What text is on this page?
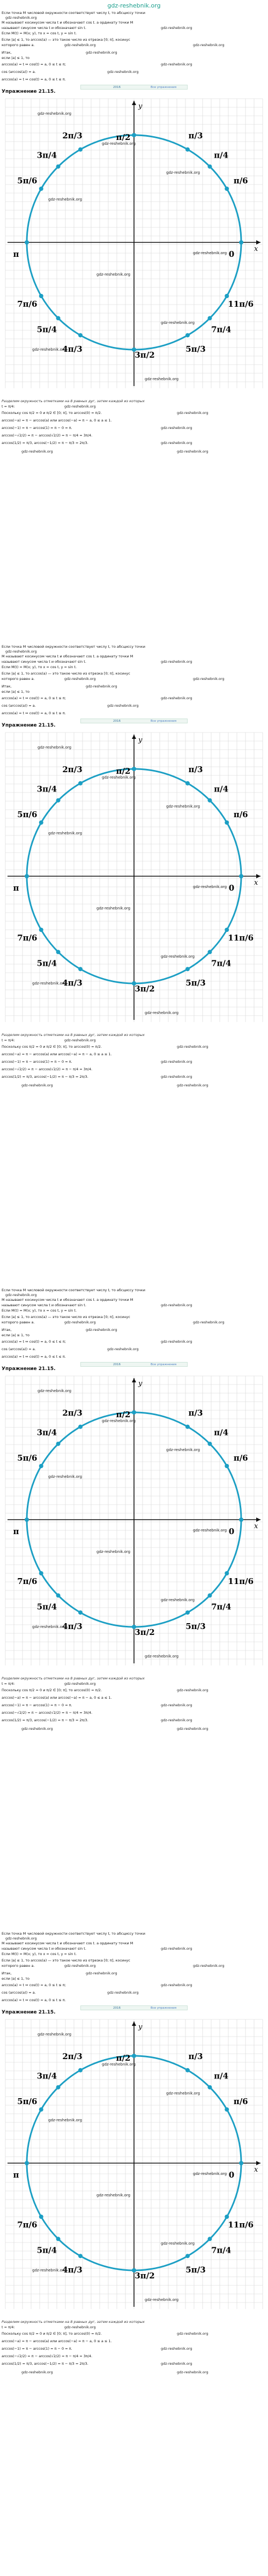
gdz-reshebnik.org
Если точка M числовой окружности соответствует числу t, то абсциссу точки
gdz-reshebnik.org
M называют косинусом числа t и обозначают cos t. а ординату точки M
называют синусом числа t и обозначают sin t.	gdz-reshebnik.org
Если M(t) = M(x; y), то x = cos t, y = sin t.
Если |a| ≤ 1, то arccos(a) — это такое число из отрезка [0; π], косинус
которого равен a.	gdz-reshebnik.org	gdz-reshebnik.org
Итак,	gdz-reshebnik.org
если |a| ≤ 1, то
arccos(a) = t ⇔ cos(t) = a, 0 ≤ t ≤ π;	gdz-reshebnik.org
cos (arccos(a)) = a.	gdz-reshebnik.org
arccos(a) = t ⇔ cos(t) = a, 0 ≤ t ≤ π.
2016	Все упражнения
Упражнение 21.15.
x
y
0
π/6
π/4
π/3
π/2
2π/3
3π/4
5π/6
π
7π/6
5π/4
4π/3
3π/2
5π/3
7π/4
11π/6
gdz-reshebnik.org
gdz-reshebnik.org
gdz-reshebnik.org
gdz-reshebnik.org
gdz-reshebnik.org
gdz-reshebnik.org
gdz-reshebnik.org
gdz-reshebnik.org
gdz-reshebnik.org
Разделим окружность отметками на 8 равных дуг, затем каждой из которых
t = π/4:	gdz-reshebnik.org
Поскольку cos π/2 = 0 и π/2 ∈ [0; π], то arccos(0) = π/2.	gdz-reshebnik.org
arccos(−a) = π − arccos(a) или arccos(−a) = π − a, 0 ≤ a ≤ 1.
arccos(−1) = π − arccos(1) = π − 0 = π.	gdz-reshebnik.org
arccos(−√2/2) = π − arccos(√2/2) = π − π/4 = 3π/4.
arccos(1/2) = π/3, arccos(−1/2) = π − π/3 = 2π/3.	gdz-reshebnik.org
gdz-reshebnik.org	gdz-reshebnik.org
Если точка M числовой окружности соответствует числу t, то абсциссу точки
gdz-reshebnik.org
M называют косинусом числа t и обозначают cos t. а ординату точки M
называют синусом числа t и обозначают sin t.	gdz-reshebnik.org
Если M(t) = M(x; y), то x = cos t, y = sin t.
Если |a| ≤ 1, то arccos(a) — это такое число из отрезка [0; π], косинус
которого равен a.	gdz-reshebnik.org	gdz-reshebnik.org
Итак,	gdz-reshebnik.org
если |a| ≤ 1, то
arccos(a) = t ⇔ cos(t) = a, 0 ≤ t ≤ π;	gdz-reshebnik.org
cos (arccos(a)) = a.	gdz-reshebnik.org
arccos(a) = t ⇔ cos(t) = a, 0 ≤ t ≤ π.
2016	Все упражнения
Упражнение 21.15.
x
y
0
π/6
π/4
π/3
π/2
2π/3
3π/4
5π/6
π
7π/6
5π/4
4π/3
3π/2
5π/3
7π/4
11π/6
gdz-reshebnik.org
gdz-reshebnik.org
gdz-reshebnik.org
gdz-reshebnik.org
gdz-reshebnik.org
gdz-reshebnik.org
gdz-reshebnik.org
gdz-reshebnik.org
gdz-reshebnik.org
Разделим окружность отметками на 8 равных дуг, затем каждой из которых
t = π/4:	gdz-reshebnik.org
Поскольку cos π/2 = 0 и π/2 ∈ [0; π], то arccos(0) = π/2.	gdz-reshebnik.org
arccos(−a) = π − arccos(a) или arccos(−a) = π − a, 0 ≤ a ≤ 1.
arccos(−1) = π − arccos(1) = π − 0 = π.	gdz-reshebnik.org
arccos(−√2/2) = π − arccos(√2/2) = π − π/4 = 3π/4.
arccos(1/2) = π/3, arccos(−1/2) = π − π/3 = 2π/3.	gdz-reshebnik.org
gdz-reshebnik.org	gdz-reshebnik.org
Если точка M числовой окружности соответствует числу t, то абсциссу точки
gdz-reshebnik.org
M называют косинусом числа t и обозначают cos t. а ординату точки M
называют синусом числа t и обозначают sin t.	gdz-reshebnik.org
Если M(t) = M(x; y), то x = cos t, y = sin t.
Если |a| ≤ 1, то arccos(a) — это такое число из отрезка [0; π], косинус
которого равен a.	gdz-reshebnik.org	gdz-reshebnik.org
Итак,	gdz-reshebnik.org
если |a| ≤ 1, то
arccos(a) = t ⇔ cos(t) = a, 0 ≤ t ≤ π;	gdz-reshebnik.org
cos (arccos(a)) = a.	gdz-reshebnik.org
arccos(a) = t ⇔ cos(t) = a, 0 ≤ t ≤ π.
2016	Все упражнения
Упражнение 21.15.
x
y
0
π/6
π/4
π/3
π/2
2π/3
3π/4
5π/6
π
7π/6
5π/4
4π/3
3π/2
5π/3
7π/4
11π/6
gdz-reshebnik.org
gdz-reshebnik.org
gdz-reshebnik.org
gdz-reshebnik.org
gdz-reshebnik.org
gdz-reshebnik.org
gdz-reshebnik.org
gdz-reshebnik.org
gdz-reshebnik.org
Разделим окружность отметками на 8 равных дуг, затем каждой из которых
t = π/4:	gdz-reshebnik.org
Поскольку cos π/2 = 0 и π/2 ∈ [0; π], то arccos(0) = π/2.	gdz-reshebnik.org
arccos(−a) = π − arccos(a) или arccos(−a) = π − a, 0 ≤ a ≤ 1.
arccos(−1) = π − arccos(1) = π − 0 = π.	gdz-reshebnik.org
arccos(−√2/2) = π − arccos(√2/2) = π − π/4 = 3π/4.
arccos(1/2) = π/3, arccos(−1/2) = π − π/3 = 2π/3.	gdz-reshebnik.org
gdz-reshebnik.org	gdz-reshebnik.org
Если точка M числовой окружности соответствует числу t, то абсциссу точки
gdz-reshebnik.org
M называют косинусом числа t и обозначают cos t. а ординату точки M
называют синусом числа t и обозначают sin t.	gdz-reshebnik.org
Если M(t) = M(x; y), то x = cos t, y = sin t.
Если |a| ≤ 1, то arccos(a) — это такое число из отрезка [0; π], косинус
которого равен a.	gdz-reshebnik.org	gdz-reshebnik.org
Итак,	gdz-reshebnik.org
если |a| ≤ 1, то
arccos(a) = t ⇔ cos(t) = a, 0 ≤ t ≤ π;	gdz-reshebnik.org
cos (arccos(a)) = a.	gdz-reshebnik.org
arccos(a) = t ⇔ cos(t) = a, 0 ≤ t ≤ π.
2016	Все упражнения
Упражнение 21.15.
x
y
0
π/6
π/4
π/3
π/2
2π/3
3π/4
5π/6
π
7π/6
5π/4
4π/3
3π/2
5π/3
7π/4
11π/6
gdz-reshebnik.org
gdz-reshebnik.org
gdz-reshebnik.org
gdz-reshebnik.org
gdz-reshebnik.org
gdz-reshebnik.org
gdz-reshebnik.org
gdz-reshebnik.org
gdz-reshebnik.org
Разделим окружность отметками на 8 равных дуг, затем каждой из которых
t = π/4:	gdz-reshebnik.org
Поскольку cos π/2 = 0 и π/2 ∈ [0; π], то arccos(0) = π/2.	gdz-reshebnik.org
arccos(−a) = π − arccos(a) или arccos(−a) = π − a, 0 ≤ a ≤ 1.
arccos(−1) = π − arccos(1) = π − 0 = π.	gdz-reshebnik.org
arccos(−√2/2) = π − arccos(√2/2) = π − π/4 = 3π/4.
arccos(1/2) = π/3, arccos(−1/2) = π − π/3 = 2π/3.	gdz-reshebnik.org
gdz-reshebnik.org	gdz-reshebnik.org
